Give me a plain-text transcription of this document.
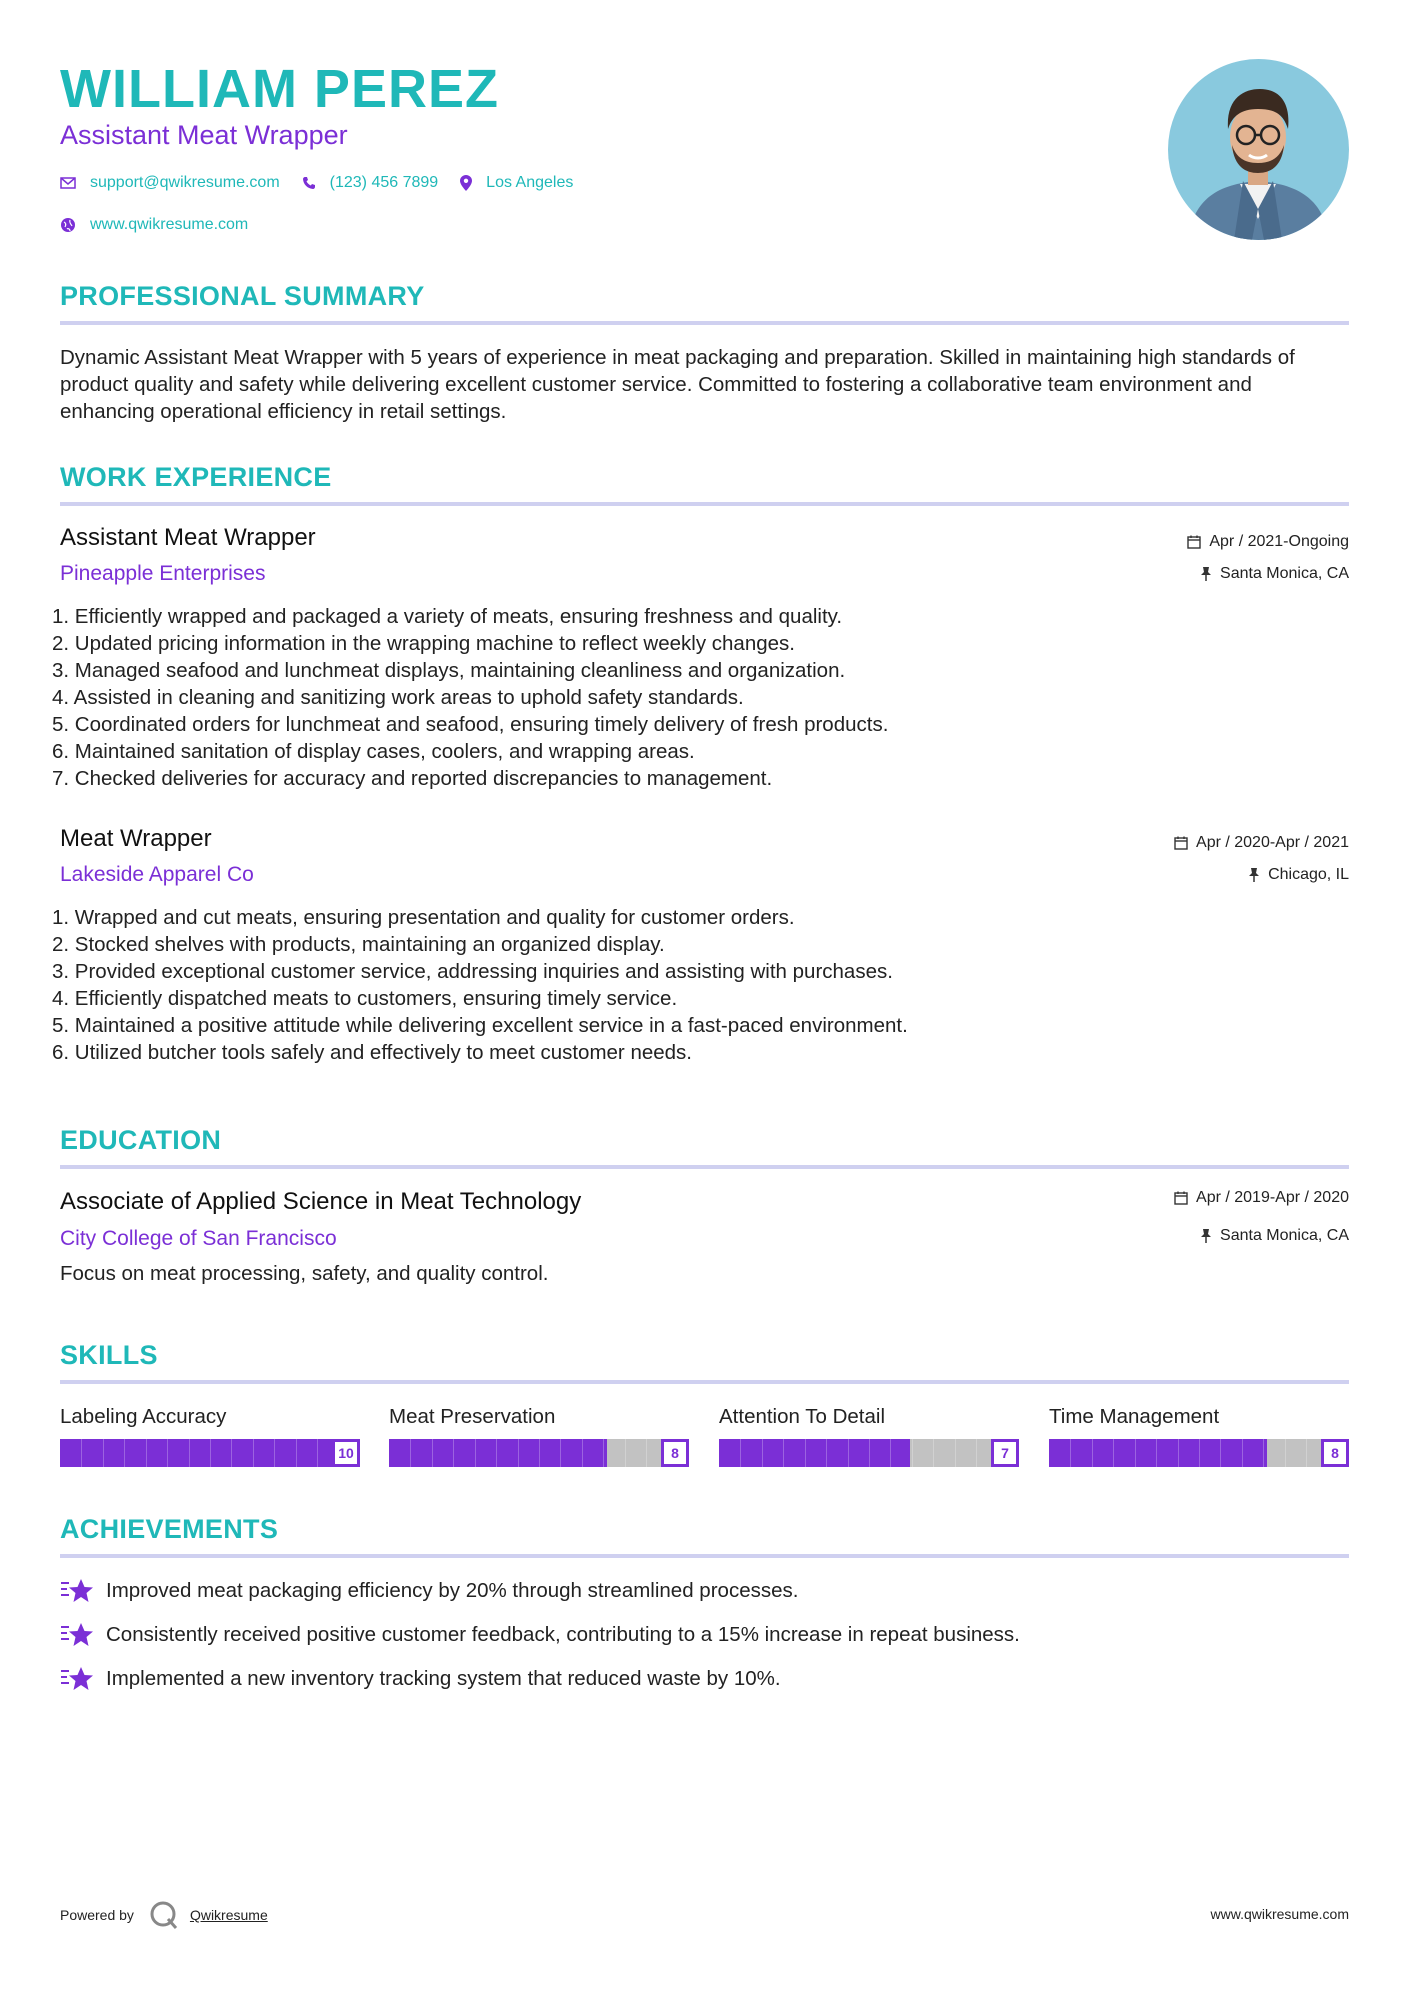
WILLIAM PEREZ
Assistant Meat Wrapper
support@qwikresume.com	(123) 456 7899	Los Angeles
www.qwikresume.com
PROFESSIONAL SUMMARY
Dynamic Assistant Meat Wrapper with 5 years of experience in meat packaging and preparation. Skilled in maintaining high standards of product quality and safety while delivering excellent customer service. Committed to fostering a collaborative team environment and enhancing operational efficiency in retail settings.
WORK EXPERIENCE
Assistant Meat Wrapper
Pineapple Enterprises
Apr / 2021-Ongoing
Santa Monica, CA
1. Efficiently wrapped and packaged a variety of meats, ensuring freshness and quality.
2. Updated pricing information in the wrapping machine to reflect weekly changes.
3. Managed seafood and lunchmeat displays, maintaining cleanliness and organization.
4. Assisted in cleaning and sanitizing work areas to uphold safety standards.
5. Coordinated orders for lunchmeat and seafood, ensuring timely delivery of fresh products.
6. Maintained sanitation of display cases, coolers, and wrapping areas.
7. Checked deliveries for accuracy and reported discrepancies to management.
Meat Wrapper
Lakeside Apparel Co
Apr / 2020-Apr / 2021
Chicago, IL
1. Wrapped and cut meats, ensuring presentation and quality for customer orders.
2. Stocked shelves with products, maintaining an organized display.
3. Provided exceptional customer service, addressing inquiries and assisting with purchases.
4. Efficiently dispatched meats to customers, ensuring timely service.
5. Maintained a positive attitude while delivering excellent service in a fast-paced environment.
6. Utilized butcher tools safely and effectively to meet customer needs.
EDUCATION
Associate of Applied Science in Meat Technology
City College of San Francisco
Apr / 2019-Apr / 2020
Santa Monica, CA
Focus on meat processing, safety, and quality control.
SKILLS
Labeling Accuracy
10
Meat Preservation
8
Attention To Detail
7
Time Management
8
ACHIEVEMENTS
Improved meat packaging efficiency by 20% through streamlined processes.
Consistently received positive customer feedback, contributing to a 15% increase in repeat business.
Implemented a new inventory tracking system that reduced waste by 10%.
Powered by	Qwikresume	www.qwikresume.com
